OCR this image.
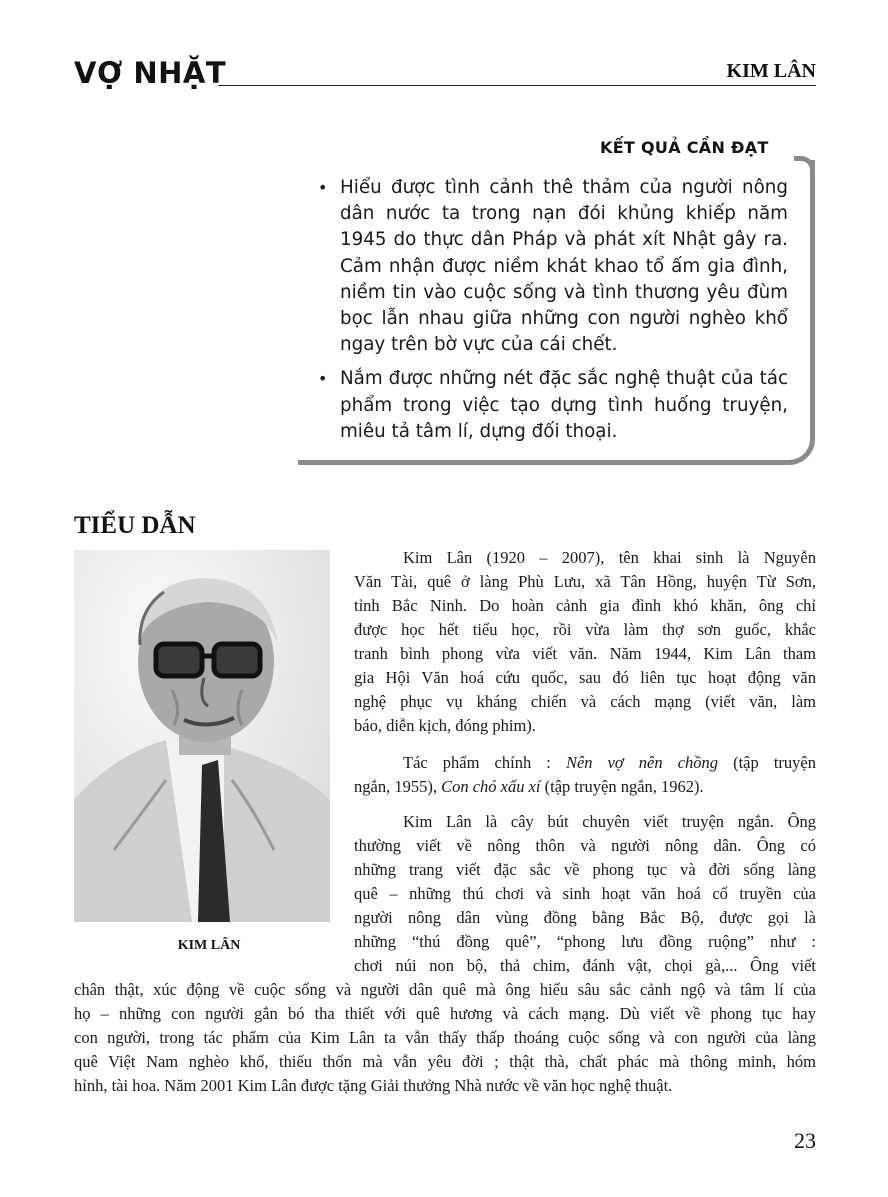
VỢ NHẶT	KIM LÂN
KẾT QUẢ CẦN ĐẠT
• Hiểu được tình cảnh thê thảm của người nông
dân nước ta trong nạn đói khủng khiếp năm
1945 do thực dân Pháp và phát xít Nhật gây ra.
Cảm nhận được niềm khát khao tổ ấm gia đình,
niềm tin vào cuộc sống và tình thương yêu đùm
bọc lẫn nhau giữa những con người nghèo khổ
ngay trên bờ vực của cái chết.
• Nắm được những nét đặc sắc nghệ thuật của tác
phẩm trong việc tạo dựng tình huống truyện,
miêu tả tâm lí, dựng đối thoại.
TIỂU DẪN
KIM LÂN
Kim Lân (1920 – 2007), tên khai sinh là Nguyễn
Văn Tài, quê ở làng Phù Lưu, xã Tân Hồng, huyện Từ Sơn,
tỉnh Bắc Ninh. Do hoàn cảnh gia đình khó khăn, ông chỉ
được học hết tiểu học, rồi vừa làm thợ sơn guốc, khắc
tranh bình phong vừa viết văn. Năm 1944, Kim Lân tham
gia Hội Văn hoá cứu quốc, sau đó liên tục hoạt động văn
nghệ phục vụ kháng chiến và cách mạng (viết văn, làm
báo, diễn kịch, đóng phim).
Tác phẩm chính : Nên vợ nên chồng (tập truyện
ngắn, 1955), Con chó xấu xí (tập truyện ngắn, 1962).
Kim Lân là cây bút chuyên viết truyện ngắn. Ông
thường viết về nông thôn và người nông dân. Ông có
những trang viết đặc sắc về phong tục và đời sống làng
quê – những thú chơi và sinh hoạt văn hoá cổ truyền của
người nông dân vùng đồng bằng Bắc Bộ, được gọi là
những “thú đồng quê”, “phong lưu đồng ruộng” như :
chơi núi non bộ, thả chim, đánh vật, chọi gà,... Ông viết
chân thật, xúc động về cuộc sống và người dân quê mà ông hiểu sâu sắc cảnh ngộ và tâm lí của
họ – những con người gắn bó tha thiết với quê hương và cách mạng. Dù viết về phong tục hay
con người, trong tác phẩm của Kim Lân ta vẫn thấy thấp thoáng cuộc sống và con người của làng
quê Việt Nam nghèo khổ, thiếu thốn mà vẫn yêu đời ; thật thà, chất phác mà thông minh, hóm
hỉnh, tài hoa. Năm 2001 Kim Lân được tặng Giải thưởng Nhà nước về văn học nghệ thuật.
23
